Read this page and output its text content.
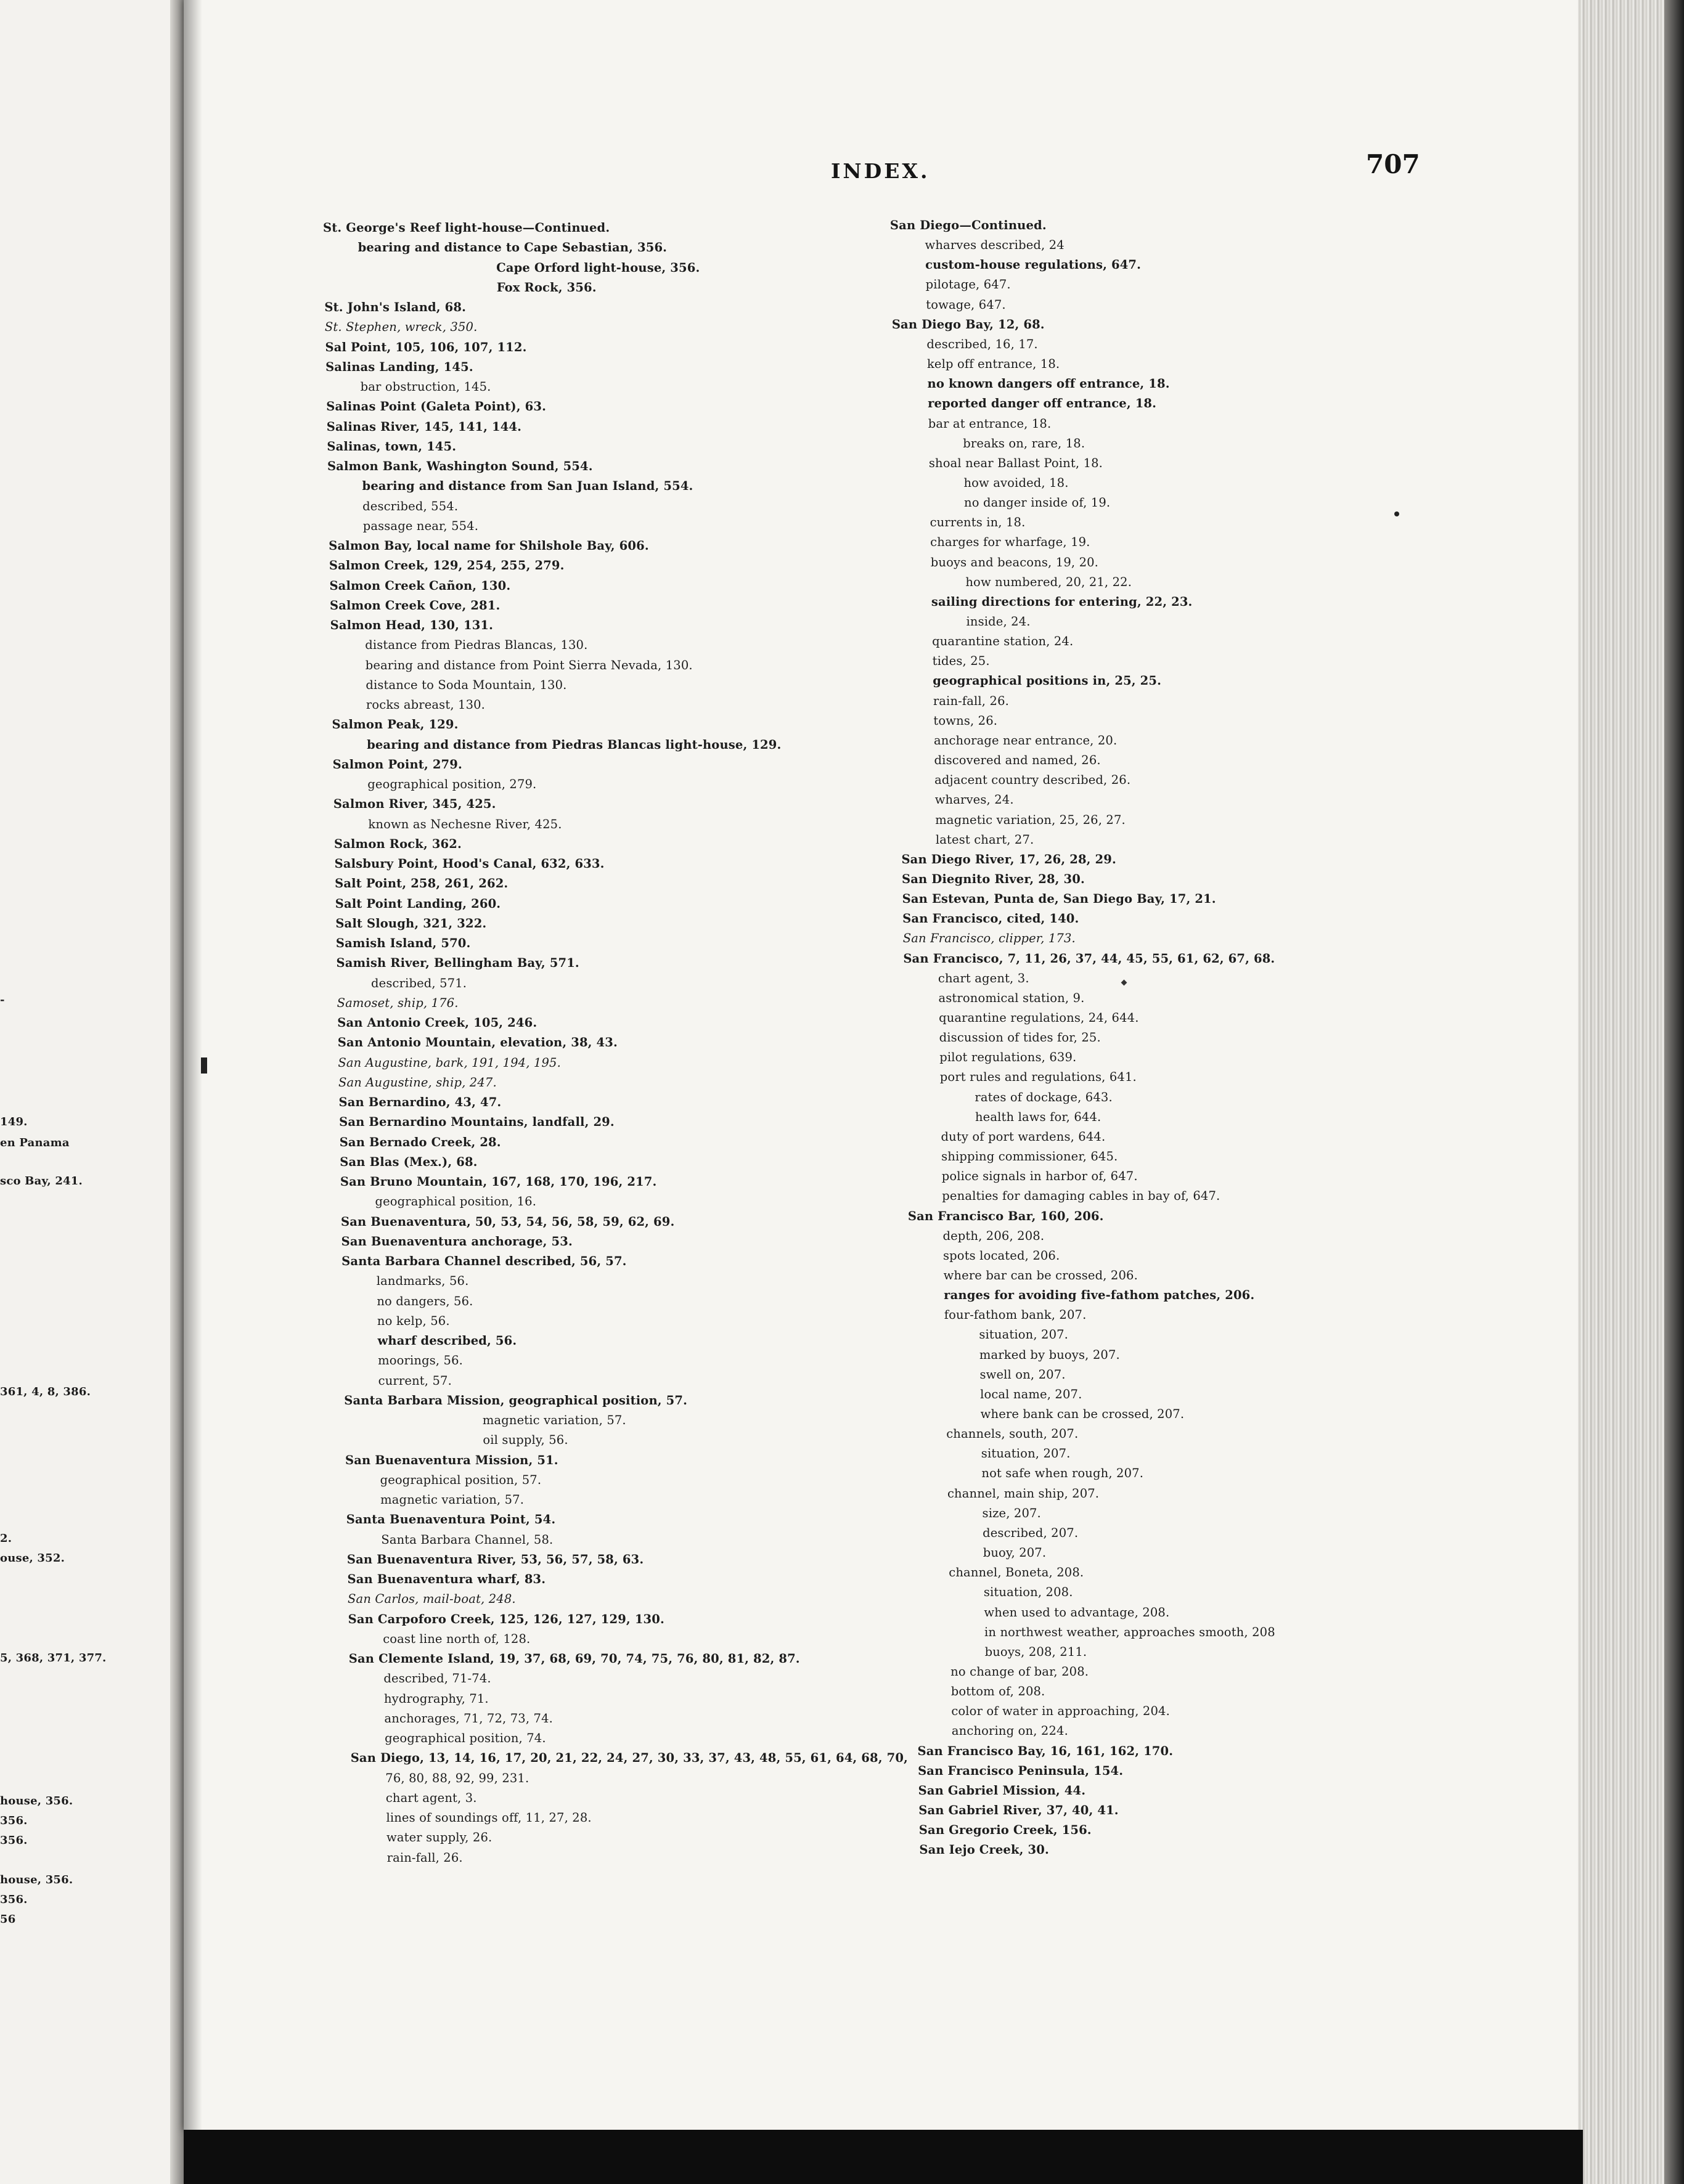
-
149.
en Panama
sco Bay, 241.
361, 4, 8, 386.
2.
ouse, 352.
5, 368, 371, 377.
house, 356.
356.
356.
house, 356.
356.
56
INDEX.	707
St. George's Reef light-house—Continued.
bearing and distance to Cape Sebastian, 356.
Cape Orford light-house, 356.
Fox Rock, 356.
St. John's Island, 68.
St. Stephen, wreck, 350.
Sal Point, 105, 106, 107, 112.
Salinas Landing, 145.
bar obstruction, 145.
Salinas Point (Galeta Point), 63.
Salinas River, 145, 141, 144.
Salinas, town, 145.
Salmon Bank, Washington Sound, 554.
bearing and distance from San Juan Island, 554.
described, 554.
passage near, 554.
Salmon Bay, local name for Shilshole Bay, 606.
Salmon Creek, 129, 254, 255, 279.
Salmon Creek Cañon, 130.
Salmon Creek Cove, 281.
Salmon Head, 130, 131.
distance from Piedras Blancas, 130.
bearing and distance from Point Sierra Nevada, 130.
distance to Soda Mountain, 130.
rocks abreast, 130.
Salmon Peak, 129.
bearing and distance from Piedras Blancas light-house, 129.
Salmon Point, 279.
geographical position, 279.
Salmon River, 345, 425.
known as Nechesne River, 425.
Salmon Rock, 362.
Salsbury Point, Hood's Canal, 632, 633.
Salt Point, 258, 261, 262.
Salt Point Landing, 260.
Salt Slough, 321, 322.
Samish Island, 570.
Samish River, Bellingham Bay, 571.
described, 571.
Samoset, ship, 176.
San Antonio Creek, 105, 246.
San Antonio Mountain, elevation, 38, 43.
San Augustine, bark, 191, 194, 195.
San Augustine, ship, 247.
San Bernardino, 43, 47.
San Bernardino Mountains, landfall, 29.
San Bernado Creek, 28.
San Blas (Mex.), 68.
San Bruno Mountain, 167, 168, 170, 196, 217.
geographical position, 16.
San Buenaventura, 50, 53, 54, 56, 58, 59, 62, 69.
San Buenaventura anchorage, 53.
Santa Barbara Channel described, 56, 57.
landmarks, 56.
no dangers, 56.
no kelp, 56.
wharf described, 56.
moorings, 56.
current, 57.
Santa Barbara Mission, geographical position, 57.
magnetic variation, 57.
oil supply, 56.
San Buenaventura Mission, 51.
geographical position, 57.
magnetic variation, 57.
Santa Buenaventura Point, 54.
Santa Barbara Channel, 58.
San Buenaventura River, 53, 56, 57, 58, 63.
San Buenaventura wharf, 83.
San Carlos, mail-boat, 248.
San Carpoforo Creek, 125, 126, 127, 129, 130.
coast line north of, 128.
San Clemente Island, 19, 37, 68, 69, 70, 74, 75, 76, 80, 81, 82, 87.
described, 71-74.
hydrography, 71.
anchorages, 71, 72, 73, 74.
geographical position, 74.
San Diego, 13, 14, 16, 17, 20, 21, 22, 24, 27, 30, 33, 37, 43, 48, 55, 61, 64, 68, 70,
76, 80, 88, 92, 99, 231.
chart agent, 3.
lines of soundings off, 11, 27, 28.
water supply, 26.
rain-fall, 26.
San Diego—Continued.
wharves described, 24
custom-house regulations, 647.
pilotage, 647.
towage, 647.
San Diego Bay, 12, 68.
described, 16, 17.
kelp off entrance, 18.
no known dangers off entrance, 18.
reported danger off entrance, 18.
bar at entrance, 18.
breaks on, rare, 18.
shoal near Ballast Point, 18.
how avoided, 18.
no danger inside of, 19.
currents in, 18.
charges for wharfage, 19.
buoys and beacons, 19, 20.
how numbered, 20, 21, 22.
sailing directions for entering, 22, 23.
inside, 24.
quarantine station, 24.
tides, 25.
geographical positions in, 25, 25.
rain-fall, 26.
towns, 26.
anchorage near entrance, 20.
discovered and named, 26.
adjacent country described, 26.
wharves, 24.
magnetic variation, 25, 26, 27.
latest chart, 27.
San Diego River, 17, 26, 28, 29.
San Diegnito River, 28, 30.
San Estevan, Punta de, San Diego Bay, 17, 21.
San Francisco, cited, 140.
San Francisco, clipper, 173.
San Francisco, 7, 11, 26, 37, 44, 45, 55, 61, 62, 67, 68.
chart agent, 3.
astronomical station, 9.
quarantine regulations, 24, 644.
discussion of tides for, 25.
pilot regulations, 639.
port rules and regulations, 641.
rates of dockage, 643.
health laws for, 644.
duty of port wardens, 644.
shipping commissioner, 645.
police signals in harbor of, 647.
penalties for damaging cables in bay of, 647.
San Francisco Bar, 160, 206.
depth, 206, 208.
spots located, 206.
where bar can be crossed, 206.
ranges for avoiding five-fathom patches, 206.
four-fathom bank, 207.
situation, 207.
marked by buoys, 207.
swell on, 207.
local name, 207.
where bank can be crossed, 207.
channels, south, 207.
situation, 207.
not safe when rough, 207.
channel, main ship, 207.
size, 207.
described, 207.
buoy, 207.
channel, Boneta, 208.
situation, 208.
when used to advantage, 208.
in northwest weather, approaches smooth, 208
buoys, 208, 211.
no change of bar, 208.
bottom of, 208.
color of water in approaching, 204.
anchoring on, 224.
San Francisco Bay, 16, 161, 162, 170.
San Francisco Peninsula, 154.
San Gabriel Mission, 44.
San Gabriel River, 37, 40, 41.
San Gregorio Creek, 156.
San Iejo Creek, 30.
